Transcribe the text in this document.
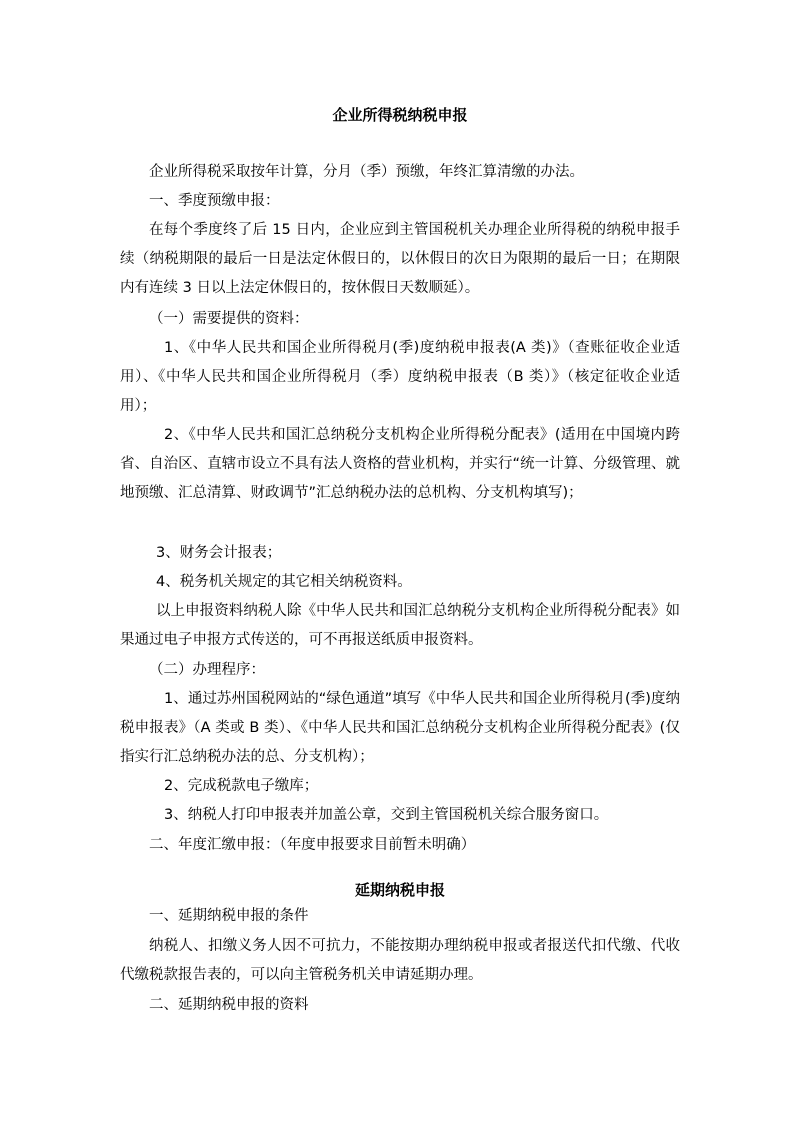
企业所得税纳税申报

企业所得税采取按年计算，分月（季）预缴，年终汇算清缴的办法。

一、季度预缴申报：

在每个季度终了后 15 日内，企业应到主管国税机关办理企业所得税的纳税申报手续（纳税期限的最后一日是法定休假日的，以休假日的次日为限期的最后一日；在期限内有连续 3 日以上法定休假日的，按休假日天数顺延）。

（一）需要提供的资料：

1、《中华人民共和国企业所得税月(季)度纳税申报表(A 类)》（查账征收企业适用）、《中华人民共和国企业所得税月（季）度纳税申报表（B 类）》（核定征收企业适用）；

2、《中华人民共和国汇总纳税分支机构企业所得税分配表》(适用在中国境内跨省、自治区、直辖市设立不具有法人资格的营业机构，并实行“统一计算、分级管理、就地预缴、汇总清算、财政调节”汇总纳税办法的总机构、分支机构填写)；

3、财务会计报表；

4、税务机关规定的其它相关纳税资料。

以上申报资料纳税人除《中华人民共和国汇总纳税分支机构企业所得税分配表》如果通过电子申报方式传送的，可不再报送纸质申报资料。

（二）办理程序：

1、通过苏州国税网站的“绿色通道”填写《中华人民共和国企业所得税月(季)度纳税申报表》（A 类或 B 类）、《中华人民共和国汇总纳税分支机构企业所得税分配表》(仅指实行汇总纳税办法的总、分支机构）；

2、完成税款电子缴库；

3、纳税人打印申报表并加盖公章，交到主管国税机关综合服务窗口。

二、年度汇缴申报：（年度申报要求目前暂未明确）

延期纳税申报

一、延期纳税申报的条件

纳税人、扣缴义务人因不可抗力，不能按期办理纳税申报或者报送代扣代缴、代收代缴税款报告表的，可以向主管税务机关申请延期办理。

二、延期纳税申报的资料
